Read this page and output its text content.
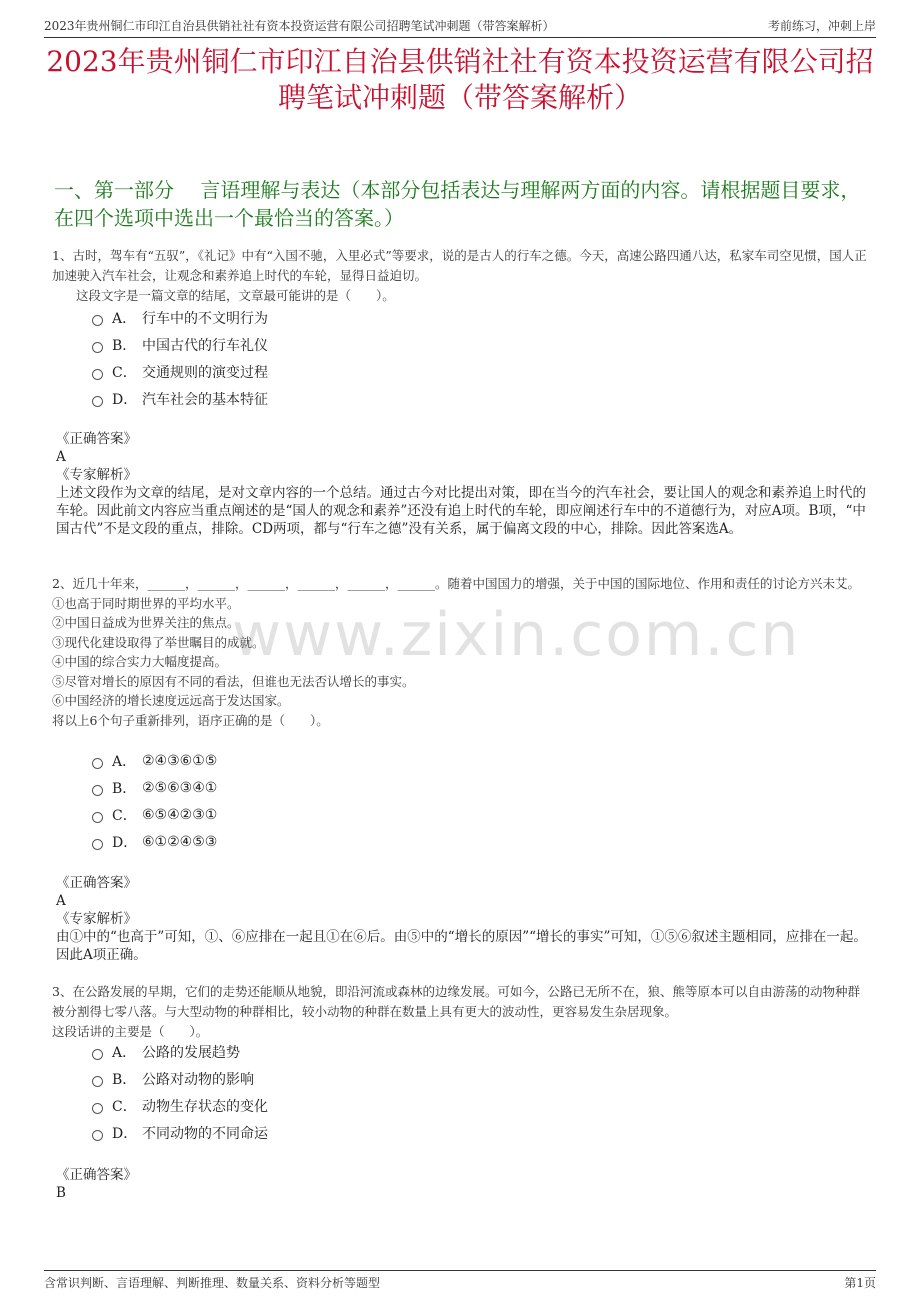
2023年贵州铜仁市印江自治县供销社社有资本投资运营有限公司招聘笔试冲刺题（带答案解析）	考前练习，冲刺上岸
2023年贵州铜仁市印江自治县供销社社有资本投资运营有限公司招聘笔试冲刺题（带答案解析）
一、第一部分　 言语理解与表达（本部分包括表达与理解两方面的内容。请根据题目要求，在四个选项中选出一个最恰当的答案。）

1、古时，驾车有“五驭”，《礼记》中有“入国不驰，入里必式”等要求，说的是古人的行车之德。今天，高速公路四通八达，私家车司空见惯，国人正加速驶入汽车社会，让观念和素养追上时代的车轮，显得日益迫切。

这段文字是一篇文章的结尾，文章最可能讲的是（　　）。

A． 行车中的不文明行为
B． 中国古代的行车礼仪
C． 交通规则的演变过程
D． 汽车社会的基本特征

《正确答案》

A

《专家解析》

上述文段作为文章的结尾，是对文章内容的一个总结。通过古今对比提出对策，即在当今的汽车社会，要让国人的观念和素养追上时代的车轮。因此前文内容应当重点阐述的是“国人的观念和素养”还没有追上时代的车轮，即应阐述行车中的不道德行为，对应A项。B项，“中国古代”不是文段的重点，排除。CD两项，都与“行车之德”没有关系，属于偏离文段的中心，排除。因此答案选A。

2、近几十年来，______，______，______，______，______，______。随着中国国力的增强，关于中国的国际地位、作用和责任的讨论方兴未艾。

①也高于同时期世界的平均水平。

②中国日益成为世界关注的焦点。

③现代化建设取得了举世瞩目的成就。

④中国的综合实力大幅度提高。

⑤尽管对增长的原因有不同的看法，但谁也无法否认增长的事实。

⑥中国经济的增长速度远远高于发达国家。

将以上6个句子重新排列，语序正确的是（　　）。

A． ②④③⑥①⑤
B． ②⑤⑥③④①
C． ⑥⑤④②③①
D． ⑥①②④⑤③

《正确答案》

A

《专家解析》

由①中的“也高于”可知，①、⑥应排在一起且①在⑥后。由⑤中的“增长的原因”“增长的事实”可知，①⑤⑥叙述主题相同，应排在一起。因此A项正确。

3、在公路发展的早期，它们的走势还能顺从地貌，即沿河流或森林的边缘发展。可如今，公路已无所不在，狼、熊等原本可以自由游荡的动物种群被分割得七零八落。与大型动物的种群相比，较小动物的种群在数量上具有更大的波动性，更容易发生杂居现象。

这段话讲的主要是（　　）。

A． 公路的发展趋势
B． 公路对动物的影响
C． 动物生存状态的变化
D． 不同动物的不同命运

《正确答案》

B

www.zixin.com.cn
含常识判断、言语理解、判断推理、数量关系、资料分析等题型	第1页
